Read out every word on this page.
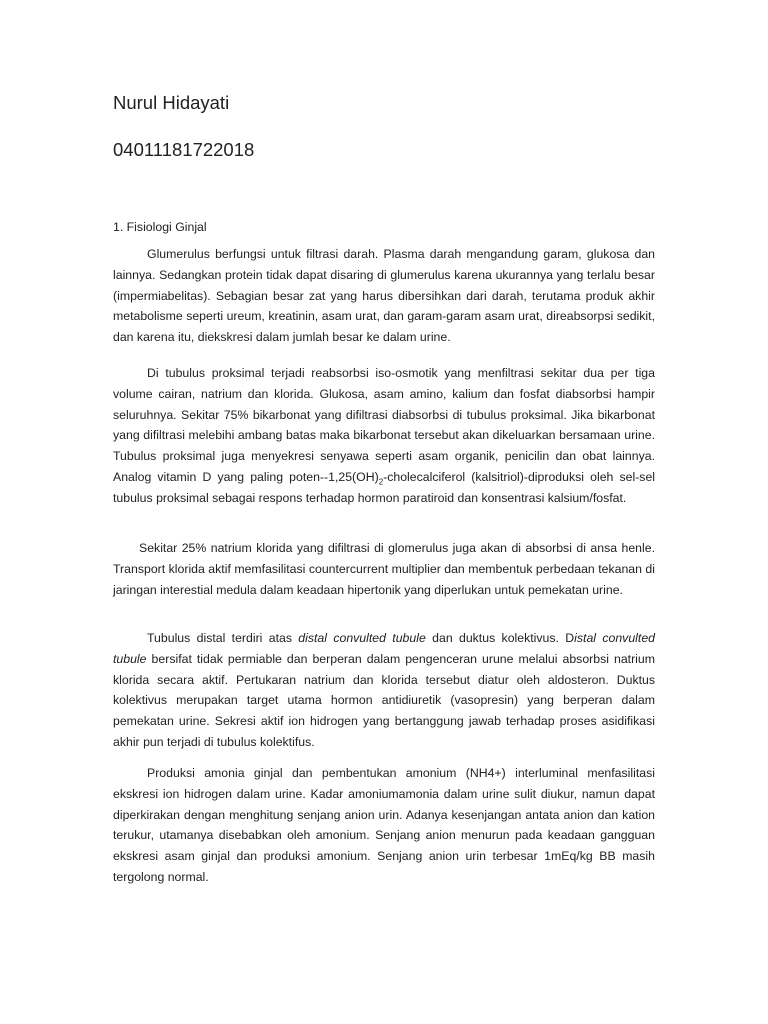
Nurul Hidayati
04011181722018
1. Fisiologi Ginjal

Glumerulus berfungsi untuk filtrasi darah. Plasma darah mengandung garam, glukosa dan lainnya. Sedangkan protein tidak dapat disaring di glumerulus karena ukurannya yang terlalu besar (impermiabelitas). Sebagian besar zat yang harus dibersihkan dari darah, terutama produk akhir metabolisme seperti ureum, kreatinin, asam urat, dan garam-garam asam urat, direabsorpsi sedikit, dan karena itu, diekskresi dalam jumlah besar ke dalam urine.

Di tubulus proksimal terjadi reabsorbsi iso-osmotik yang menfiltrasi sekitar dua per tiga volume cairan, natrium dan klorida. Glukosa, asam amino, kalium dan fosfat diabsorbsi hampir seluruhnya. Sekitar 75% bikarbonat yang difiltrasi diabsorbsi di tubulus proksimal. Jika bikarbonat yang difiltrasi melebihi ambang batas maka bikarbonat tersebut akan dikeluarkan bersamaan urine. Tubulus proksimal juga menyekresi senyawa seperti asam organik, penicilin dan obat lainnya. Analog vitamin D yang paling poten-$-1,25(OH)_2$-cholecalciferol (kalsitriol)-diproduksi oleh sel-sel tubulus proksimal sebagai respons terhadap hormon paratiroid dan konsentrasi kalsium/fosfat.

Sekitar 25% natrium klorida yang difiltrasi di glomerulus juga akan di absorbsi di ansa henle. Transport klorida aktif memfasilitasi countercurrent multiplier dan membentuk perbedaan tekanan di jaringan interestial medula dalam keadaan hipertonik yang diperlukan untuk pemekatan urine.

Tubulus distal terdiri atas distal convulted tubule dan duktus kolektivus. Distal convulted tubule bersifat tidak permiable dan berperan dalam pengenceran urune melalui absorbsi natrium klorida secara aktif. Pertukaran natrium dan klorida tersebut diatur oleh aldosteron. Duktus kolektivus merupakan target utama hormon antidiuretik (vasopresin) yang berperan dalam pemekatan urine. Sekresi aktif ion hidrogen yang bertanggung jawab terhadap proses asidifikasi akhir pun terjadi di tubulus kolektifus.

Produksi amonia ginjal dan pembentukan amonium (NH4+) interluminal menfasilitasi ekskresi ion hidrogen dalam urine. Kadar amoniumamonia dalam urine sulit diukur, namun dapat diperkirakan dengan menghitung senjang anion urin. Adanya kesenjangan antata anion dan kation terukur, utamanya disebabkan oleh amonium. Senjang anion menurun pada keadaan gangguan ekskresi asam ginjal dan produksi amonium. Senjang anion urin terbesar 1mEq/kg BB masih tergolong normal.
